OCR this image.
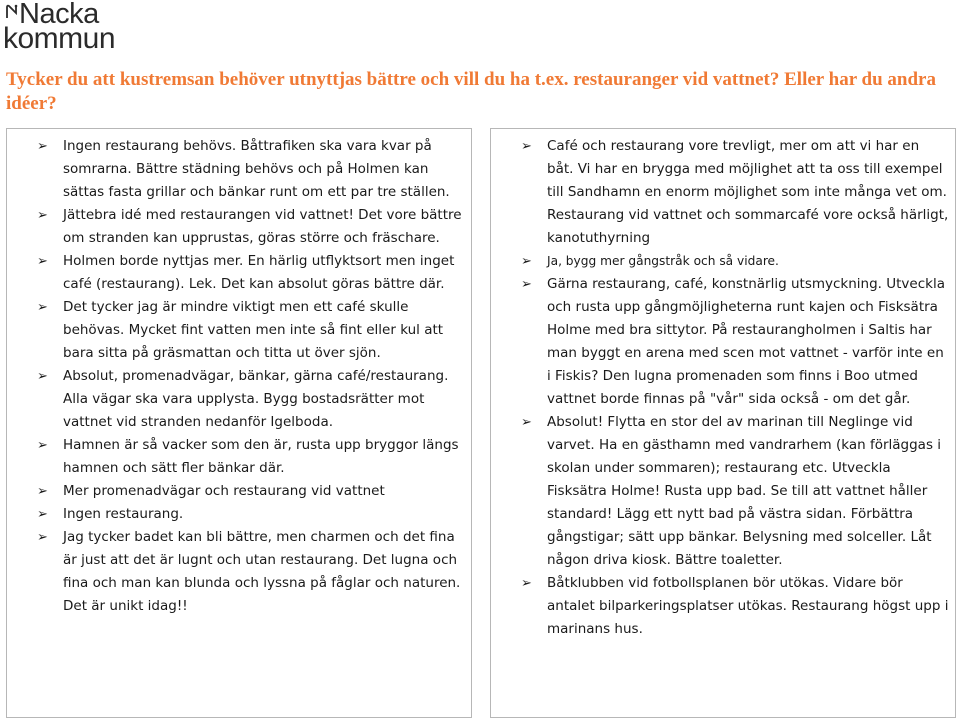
Nacka
kommun
Tycker du att kustremsan behöver utnyttjas bättre och vill du ha t.ex. restauranger vid vattnet? Eller har du andra idéer?
➢	Ingen restaurang behövs. Båttrafiken ska vara kvar på somrarna. Bättre städning behövs och på Holmen kan sättas fasta grillar och bänkar runt om ett par tre ställen.
➢	Jättebra idé med restaurangen vid vattnet! Det vore bättre om stranden kan upprustas, göras större och fräschare.
➢	Holmen borde nyttjas mer. En härlig utflyktsort men inget café (restaurang). Lek. Det kan absolut göras bättre där.
➢	Det tycker jag är mindre viktigt men ett café skulle behövas. Mycket fint vatten men inte så fint eller kul att bara sitta på gräsmattan och titta ut över sjön.
➢	Absolut, promenadvägar, bänkar, gärna café/restaurang. Alla vägar ska vara upplysta. Bygg bostadsrätter mot vattnet vid stranden nedanför Igelboda.
➢	Hamnen är så vacker som den är, rusta upp bryggor längs hamnen och sätt fler bänkar där.
➢	Mer promenadvägar och restaurang vid vattnet
➢	Ingen restaurang.
➢	Jag tycker badet kan bli bättre, men charmen och det fina är just att det är lugnt och utan restaurang. Det lugna och fina och man kan blunda och lyssna på fåglar och naturen. Det är unikt idag!!
➢	Café och restaurang vore trevligt, mer om att vi har en båt. Vi har en brygga med möjlighet att ta oss till exempel till Sandhamn en enorm möjlighet som inte många vet om. Restaurang vid vattnet och sommarcafé vore också härligt, kanotuthyrning
➢	Ja, bygg mer gångstråk och så vidare.
➢	Gärna restaurang, café, konstnärlig utsmyckning. Utveckla och rusta upp gångmöjligheterna runt kajen och Fisksätra Holme med bra sittytor. På restaurangholmen i Saltis har man byggt en arena med scen mot vattnet - varför inte en i Fiskis? Den lugna promenaden som finns i Boo utmed vattnet borde finnas på "vår" sida också - om det går.
➢	Absolut! Flytta en stor del av marinan till Neglinge vid varvet. Ha en gästhamn med vandrarhem (kan förläggas i skolan under sommaren); restaurang etc. Utveckla Fisksätra Holme! Rusta upp bad. Se till att vattnet håller standard! Lägg ett nytt bad på västra sidan. Förbättra gångstigar; sätt upp bänkar. Belysning med solceller. Låt någon driva kiosk. Bättre toaletter.
➢	Båtklubben vid fotbollsplanen bör utökas. Vidare bör antalet bilparkeringsplatser utökas. Restaurang högst upp i marinans hus.
